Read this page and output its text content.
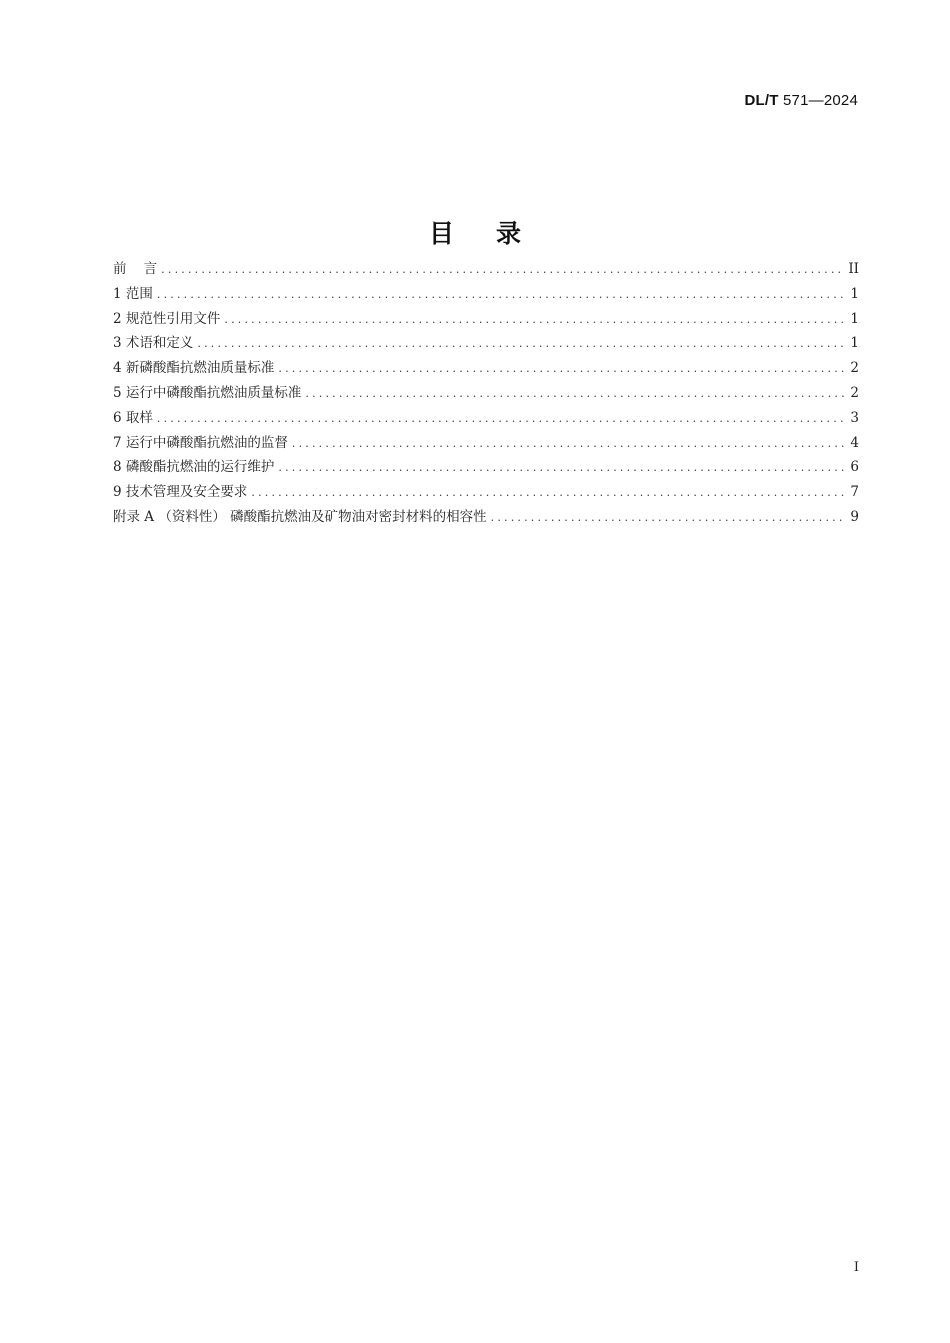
DL/T 571—2024
目录
前    言 .....	II
1 范围 .....	1
2 规范性引用文件 .....	1
3 术语和定义 .....	1
4 新磷酸酯抗燃油质量标准 .....	2
5 运行中磷酸酯抗燃油质量标准 .....	2
6 取样 .....	3
7 运行中磷酸酯抗燃油的监督 .....	4
8 磷酸酯抗燃油的运行维护 .....	6
9 技术管理及安全要求 .....	7
附录 A （资料性） 磷酸酯抗燃油及矿物油对密封材料的相容性 .....	9
I
